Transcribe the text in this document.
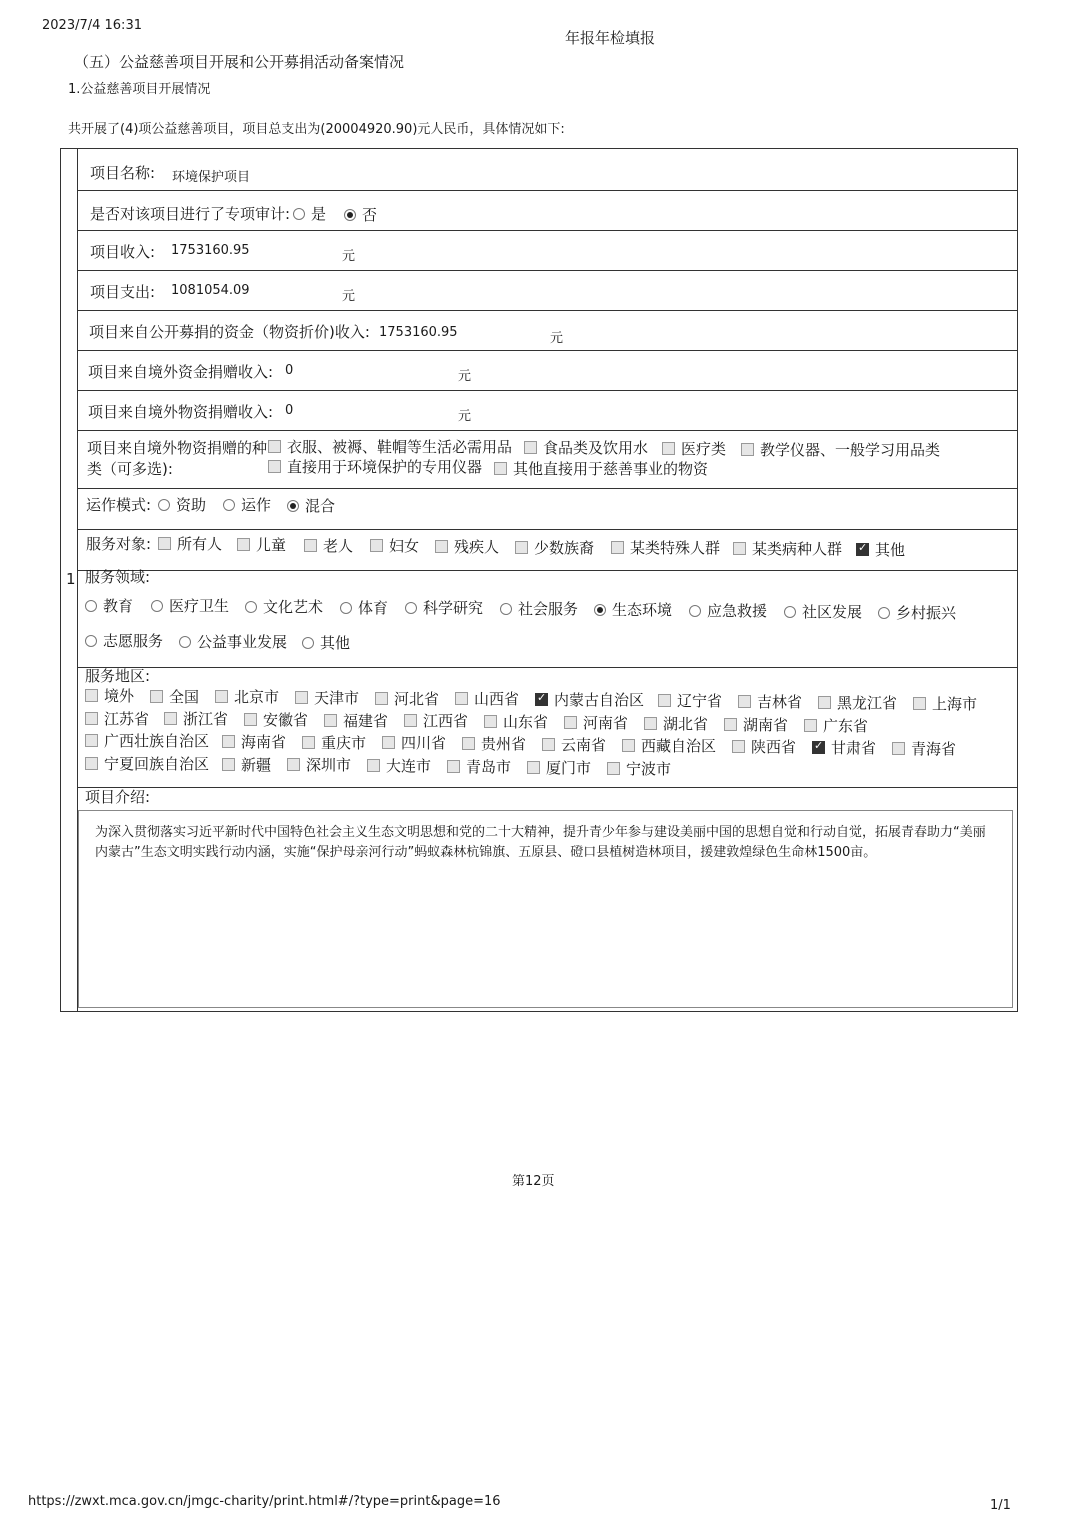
2023/7/4 16:31
年报年检填报
（五）公益慈善项目开展和公开募捐活动备案情况
1.公益慈善项目开展情况
共开展了(4)项公益慈善项目，项目总支出为(20004920.90)元人民币，具体情况如下:
1
项目名称: 环境保护项目
是否对该项目进行了专项审计:	是	否
项目收入: 1753160.95	元
项目支出: 1081054.09	元
项目来自公开募捐的资金（物资折价)收入: 1753160.95	元
项目来自境外资金捐赠收入: 0	元
项目来自境外物资捐赠收入: 0	元
项目来自境外物资捐赠的种
类（可多选):
衣服、被褥、鞋帽等生活必需用品	食品类及饮用水	医疗类	教学仪器、一般学习用品类
直接用于环境保护的专用仪器	其他直接用于慈善事业的物资
运作模式:	资助	运作	混合
服务对象:	所有人	儿童	老人	妇女	残疾人	少数族裔	某类特殊人群	某类病种人群 ✓	其他
服务领域:
教育	医疗卫生	文化艺术	体育	科学研究	社会服务	生态环境	应急救援	社区发展	乡村振兴
志愿服务	公益事业发展	其他
服务地区:
境外	全国	北京市	天津市	河北省	山西省 ✓	内蒙古自治区	辽宁省	吉林省	黑龙江省	上海市
江苏省	浙江省	安徽省	福建省	江西省	山东省	河南省	湖北省	湖南省	广东省
广西壮族自治区	海南省	重庆市	四川省	贵州省	云南省	西藏自治区	陕西省 ✓	甘肃省	青海省
宁夏回族自治区	新疆	深圳市	大连市	青岛市	厦门市	宁波市
项目介绍:
为深入贯彻落实习近平新时代中国特色社会主义生态文明思想和党的二十大精神，提升青少年参与建设美丽中国的思想自觉和行动自觉，拓展青春助力“美丽内蒙古”生态文明实践行动内涵，实施“保护母亲河行动”蚂蚁森林杭锦旗、五原县、磴口县植树造林项目，援建敦煌绿色生命林1500亩。
第12页
https://zwxt.mca.gov.cn/jmgc-charity/print.html#/?type=print&page=16	1/1
